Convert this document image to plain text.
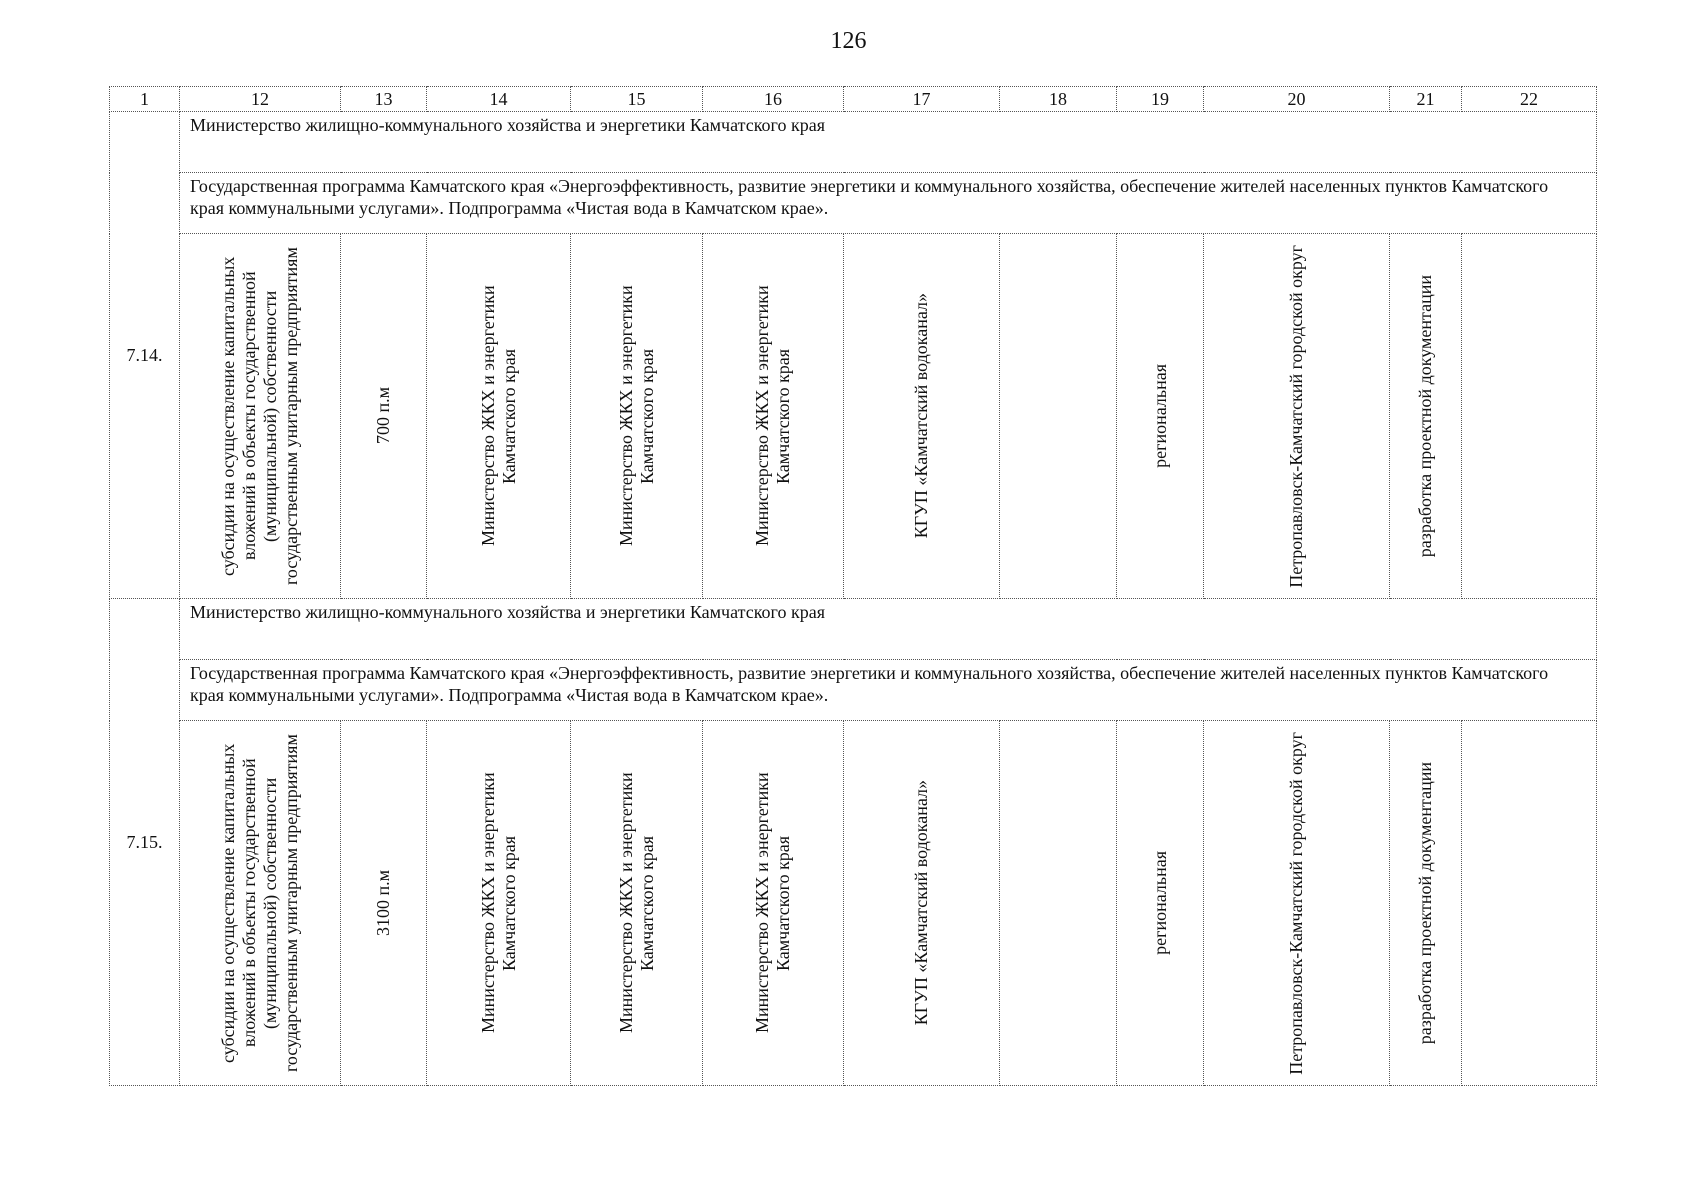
126
1	12	13	14	15	16	17	18	19	20	21	22
7.14.	Министерство жилищно-коммунального хозяйства и энергетики Камчатского края										
	Государственная программа Камчатского края «Энергоэффективность, развитие энергетики и коммунального хозяйства, обеспечение жителей населенных пунктов Камчатского края коммунальными услугами». Подпрограмма «Чистая вода в Камчатском крае».										

	субсидии на осуществление капитальных вложений в объекты государственной (муниципальной) собственности государственным унитарным предприятиям	700 п.м	Министерство ЖКХ и энергетики Камчатского края	Министерство ЖКХ и энергетики Камчатского края	Министерство ЖКХ и энергетики Камчатского края	КГУП «Камчатский водоканал»		региональная	Петропавловск-Камчатский городской округ	разработка проектной документации	

7.15.	Министерство жилищно-коммунального хозяйства и энергетики Камчатского края										
	Государственная программа Камчатского края «Энергоэффективность, развитие энергетики и коммунального хозяйства, обеспечение жителей населенных пунктов Камчатского края коммунальными услугами». Подпрограмма «Чистая вода в Камчатском крае».										

	субсидии на осуществление капитальных вложений в объекты государственной (муниципальной) собственности государственным унитарным предприятиям	3100 п.м	Министерство ЖКХ и энергетики Камчатского края	Министерство ЖКХ и энергетики Камчатского края	Министерство ЖКХ и энергетики Камчатского края	КГУП «Камчатский водоканал»		региональная	Петропавловск-Камчатский городской округ	разработка проектной документации	
